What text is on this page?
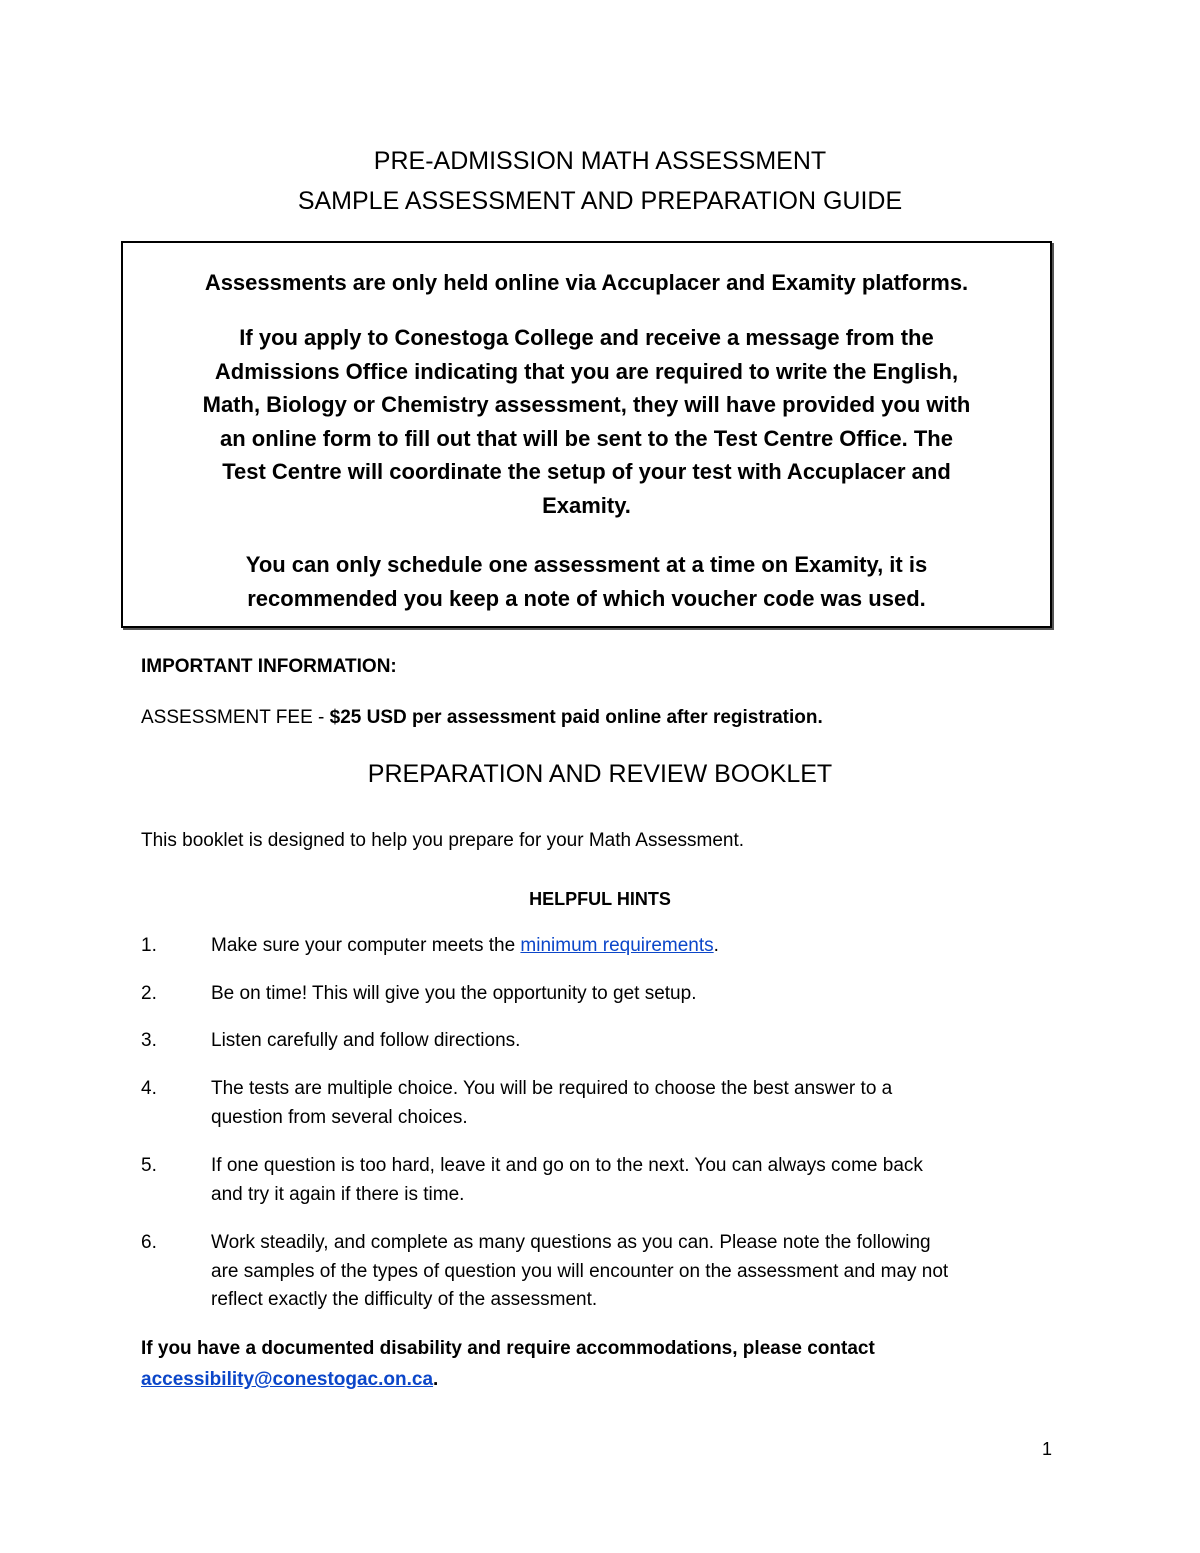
PRE-ADMISSION MATH ASSESSMENT
SAMPLE ASSESSMENT AND PREPARATION GUIDE
Assessments are only held online via Accuplacer and Examity platforms.
If you apply to Conestoga College and receive a message from the
Admissions Office indicating that you are required to write the English,
Math, Biology or Chemistry assessment, they will have provided you with
an online form to fill out that will be sent to the Test Centre Office. The
Test Centre will coordinate the setup of your test with Accuplacer and
Examity.
You can only schedule one assessment at a time on Examity, it is
recommended you keep a note of which voucher code was used.
IMPORTANT INFORMATION:
ASSESSMENT FEE - $25 USD per assessment paid online after registration.
PREPARATION AND REVIEW BOOKLET
This booklet is designed to help you prepare for your Math Assessment.
HELPFUL HINTS
1.	Make sure your computer meets the minimum requirements.
2.	Be on time! This will give you the opportunity to get setup.
3.	Listen carefully and follow directions.
4.	The tests are multiple choice. You will be required to choose the best answer to a
question from several choices.
5.	If one question is too hard, leave it and go on to the next. You can always come back
and try it again if there is time.
6.	Work steadily, and complete as many questions as you can. Please note the following
are samples of the types of question you will encounter on the assessment and may not
reflect exactly the difficulty of the assessment.
If you have a documented disability and require accommodations, please contact
accessibility@conestogac.on.ca.
1
